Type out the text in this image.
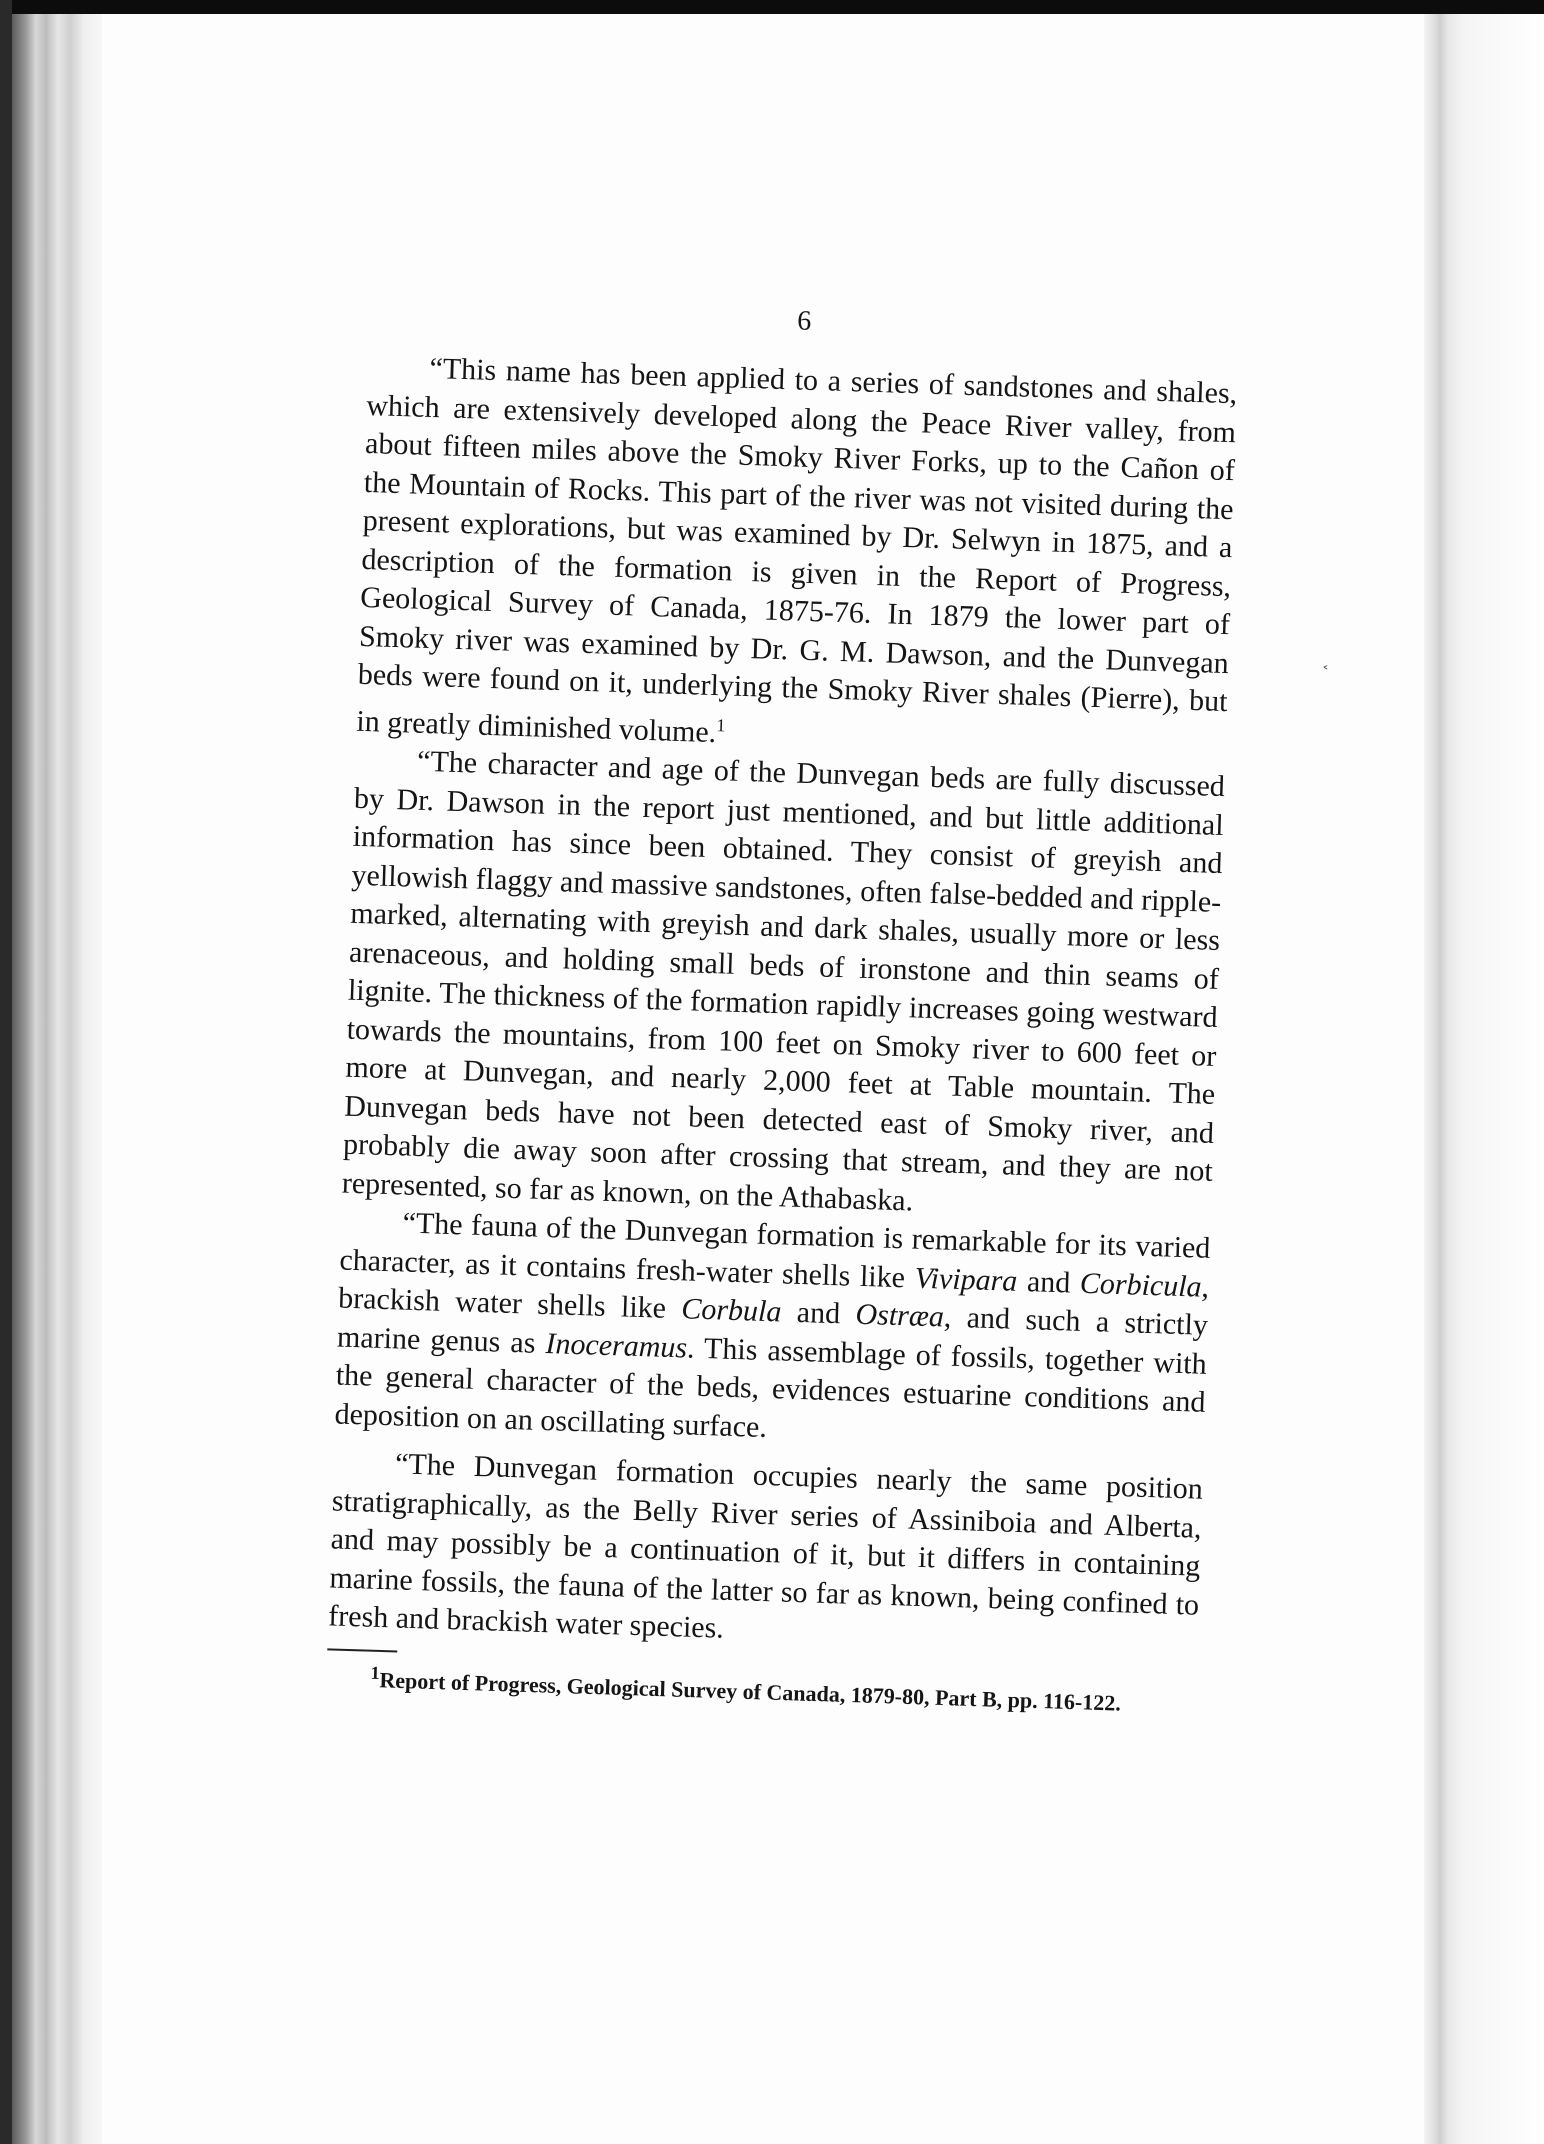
6

“This name has been applied to a series of sandstones and shales, which are extensively developed along the Peace River valley, from about fifteen miles above the Smoky River Forks, up to the Cañon of the Mountain of Rocks. This part of the river was not visited during the present explorations, but was examined by Dr. Selwyn in 1875, and a description of the formation is given in the Report of Progress, Geological Survey of Canada, 1875-76. In 1879 the lower part of Smoky river was examined by Dr. G. M. Dawson, and the Dunvegan beds were found on it, underlying the Smoky River shales (Pierre), but in greatly diminished volume.$^1$

“The character and age of the Dunvegan beds are fully discussed by Dr. Dawson in the report just mentioned, and but little additional information has since been obtained. They consist of greyish and yellowish flaggy and massive sandstones, often false-bedded and ripple-marked, alternating with greyish and dark shales, usually more or less arenaceous, and holding small beds of ironstone and thin seams of lignite. The thickness of the formation rapidly increases going westward towards the mountains, from 100 feet on Smoky river to 600 feet or more at Dunvegan, and nearly 2,000 feet at Table mountain. The Dunvegan beds have not been detected east of Smoky river, and probably die away soon after crossing that stream, and they are not represented, so far as known, on the Athabaska.

“The fauna of the Dunvegan formation is remarkable for its varied character, as it contains fresh-water shells like Vivipara and Corbicula, brackish water shells like Corbula and Ostræa, and such a strictly marine genus as Inoceramus. This assemblage of fossils, together with the general character of the beds, evidences estuarine conditions and deposition on an oscillating surface.

“The Dunvegan formation occupies nearly the same position stratigraphically, as the Belly River series of Assiniboia and Alberta, and may possibly be a continuation of it, but it differs in containing marine fossils, the fauna of the latter so far as known, being confined to fresh and brackish water species.

$^1$Report of Progress, Geological Survey of Canada, 1879-80, Part B, pp. 116-122.
